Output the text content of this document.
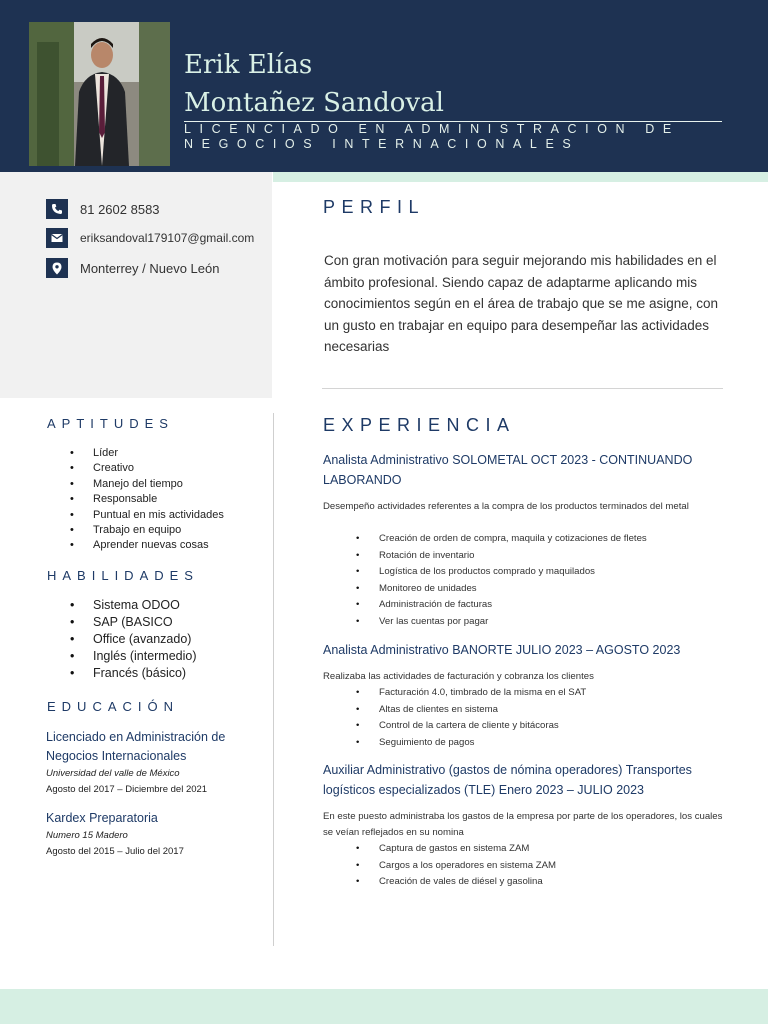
Erik Elías
Montañez Sandoval
LICENCIADO EN ADMINISTRACION DE
NEGOCIOS INTERNACIONALES
81 2602 8583
eriksandoval179107@gmail.com
Monterrey / Nuevo León
APTITUDES
• Líder
• Creativo
• Manejo del tiempo
• Responsable
• Puntual en mis actividades
• Trabajo en equipo
• Aprender nuevas cosas
HABILIDADES
• Sistema ODOO
• SAP (BASICO
• Office (avanzado)
• Inglés (intermedio)
• Francés (básico)
EDUCACIÓN
Licenciado en Administración de Negocios Internacionales
Universidad del valle de México
Agosto del 2017 – Diciembre del 2021
Kardex Preparatoria
Numero 15 Madero
Agosto del 2015 – Julio del 2017
PERFIL
Con gran motivación para seguir mejorando mis habilidades en el ámbito profesional. Siendo capaz de adaptarme aplicando mis conocimientos según en el área de trabajo que se me asigne, con un gusto en trabajar en equipo para desempeñar las actividades necesarias
EXPERIENCIA
Analista Administrativo SOLOMETAL OCT 2023 - CONTINUANDO LABORANDO
Desempeño actividades referentes a la compra de los productos terminados del metal
• Creación de orden de compra, maquila y cotizaciones de fletes
• Rotación de inventario
• Logística de los productos comprado y maquilados
• Monitoreo de unidades
• Administración de facturas
• Ver las cuentas por pagar
Analista Administrativo BANORTE JULIO 2023 – AGOSTO 2023
Realizaba las actividades de facturación y cobranza los clientes
• Facturación 4.0, timbrado de la misma en el SAT
• Altas de clientes en sistema
• Control de la cartera de cliente y bitácoras
• Seguimiento de pagos
Auxiliar Administrativo (gastos de nómina operadores) Transportes logísticos especializados (TLE) Enero 2023 – JULIO 2023
En este puesto administraba los gastos de la empresa por parte de los operadores, los cuales se veían reflejados en su nomina
• Captura de gastos en sistema ZAM
• Cargos a los operadores en sistema ZAM
• Creación de vales de diésel y gasolina
